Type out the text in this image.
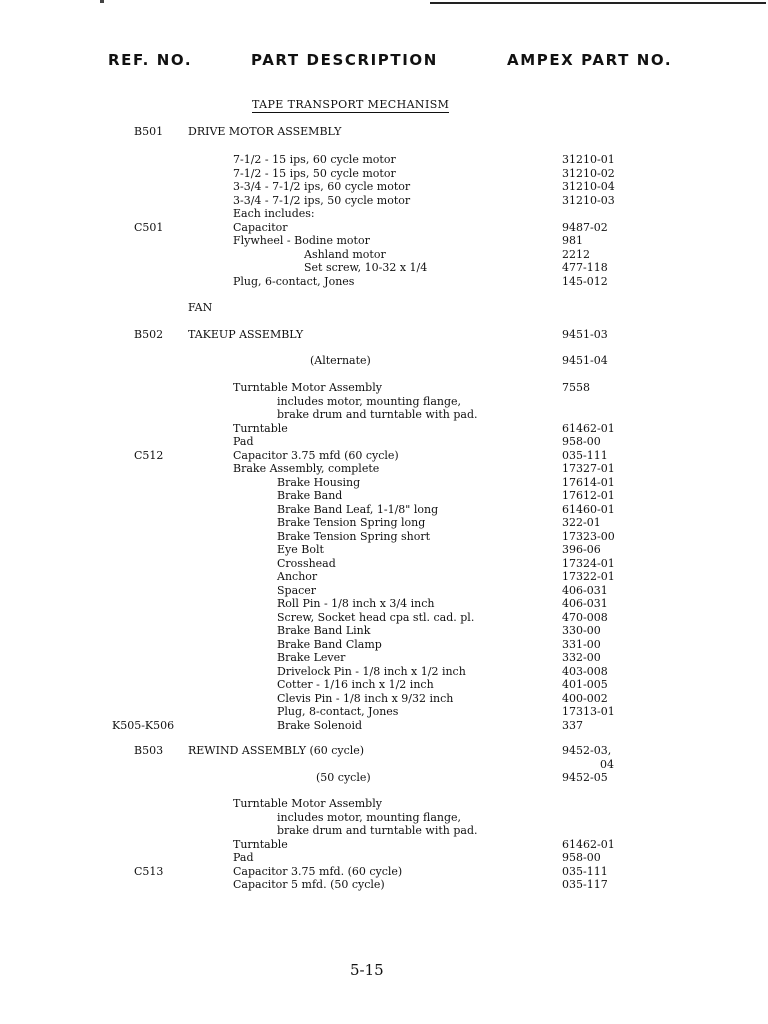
REF. NO.	PART DESCRIPTION	AMPEX PART NO.
TAPE TRANSPORT MECHANISM
B501 DRIVE MOTOR ASSEMBLY
7-1/2 - 15 ips, 60 cycle motor	31210-01
7-1/2 - 15 ips, 50 cycle motor	31210-02
3-3/4 - 7-1/2 ips, 60 cycle motor	31210-04
3-3/4 - 7-1/2 ips, 50 cycle motor	31210-03
Each includes:
C501	Capacitor	9487-02
Flywheel - Bodine motor	981
Ashland motor	2212
Set screw, 10-32 x 1/4	477-118
Plug, 6-contact, Jones	145-012
FAN
B502 TAKEUP ASSEMBLY	9451-03
(Alternate)	9451-04
Turntable Motor Assembly	7558
includes motor, mounting flange,
brake drum and turntable with pad.
Turntable	61462-01
Pad	958-00
C512	Capacitor 3.75 mfd (60 cycle)	035-111
Brake Assembly, complete	17327-01
Brake Housing	17614-01
Brake Band	17612-01
Brake Band Leaf, 1-1/8" long	61460-01
Brake Tension Spring long	322-01
Brake Tension Spring short	17323-00
Eye Bolt	396-06
Crosshead	17324-01
Anchor	17322-01
Spacer	406-031
Roll Pin - 1/8 inch x 3/4 inch	406-031
Screw, Socket head cpa stl. cad. pl.	470-008
Brake Band Link	330-00
Brake Band Clamp	331-00
Brake Lever	332-00
Drivelock Pin - 1/8 inch x 1/2 inch	403-008
Cotter - 1/16 inch x 1/2 inch	401-005
Clevis Pin - 1/8 inch x 9/32 inch	400-002
Plug, 8-contact, Jones	17313-01
K505-K506	Brake Solenoid	337
B503 REWIND ASSEMBLY (60 cycle)	9452-03,
04
(50 cycle)	9452-05
Turntable Motor Assembly
includes motor, mounting flange,
brake drum and turntable with pad.
Turntable	61462-01
Pad	958-00
C513	Capacitor 3.75 mfd. (60 cycle)	035-111
Capacitor 5 mfd. (50 cycle)	035-117
5-15
